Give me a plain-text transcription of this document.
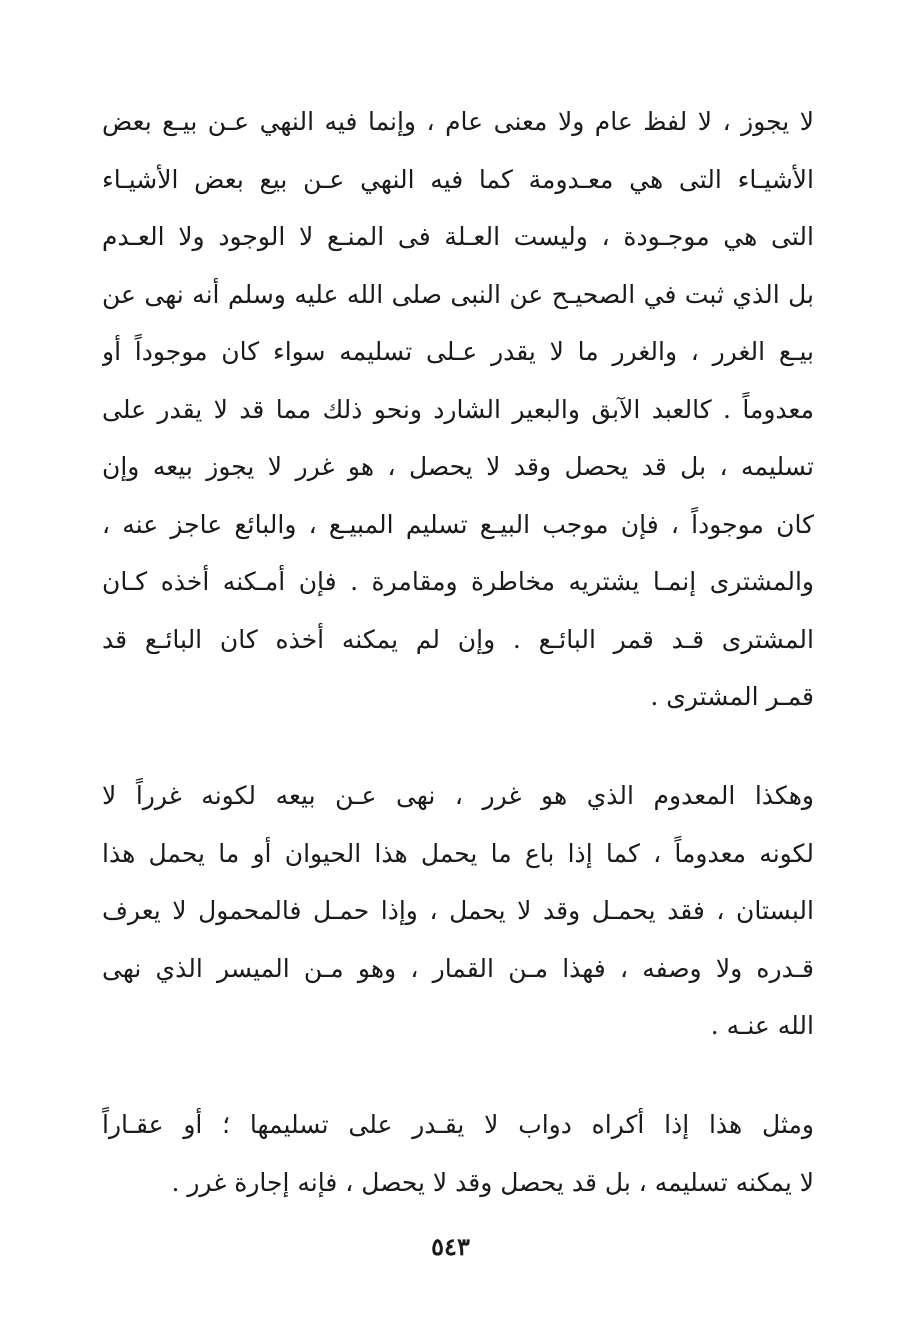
لا يجوز ، لا لفظ عام ولا معنى عام ، وإنما فيه النهي عـن بيـع بعض
الأشيـاء التى هي معـدومة كما فيه النهي عـن بيع بعض الأشيـاء
التى هي موجـودة ، وليست العـلة فى المنـع لا الوجود ولا العـدم
بل الذي ثبت في الصحيـح عن النبى صلى الله عليه وسلم أنه نهى عن
بيـع الغرر ، والغرر ما لا يقدر عـلى تسليمه سواء كان موجوداً أو
معدوماً . كالعبد الآبق والبعير الشارد ونحو ذلك مما قد لا يقدر على
تسليمه ، بل قد يحصل وقد لا يحصل ، هو غرر لا يجوز بيعه وإن
كان موجوداً ، فإن موجب البيـع تسليم المبيـع ، والبائع عاجز عنه ،
والمشترى إنمـا يشتريه مخاطرة ومقامرة . فإن أمـكنه أخذه كـان
المشترى قـد قمر البائـع . وإن لم يمكنه أخذه كان البائـع قد
قمـر المشترى .
وهكذا المعدوم الذي هو غرر ، نهى عـن بيعه لكونه غرراً لا
لكونه معدوماً ، كما إذا باع ما يحمل هذا الحيوان أو ما يحمل هذا
البستان ، فقد يحمـل وقد لا يحمل ، وإذا حمـل فالمحمول لا يعرف
قـدره ولا وصفه ، فهذا مـن القمار ، وهو مـن الميسر الذي نهى
الله عنـه .
ومثل هذا إذا أكراه دواب لا يقـدر على تسليمها ؛ أو عقـاراً
لا يمكنه تسليمه ، بل قد يحصل وقد لا يحصل ، فإنه إجارة غرر .
٥٤٣
